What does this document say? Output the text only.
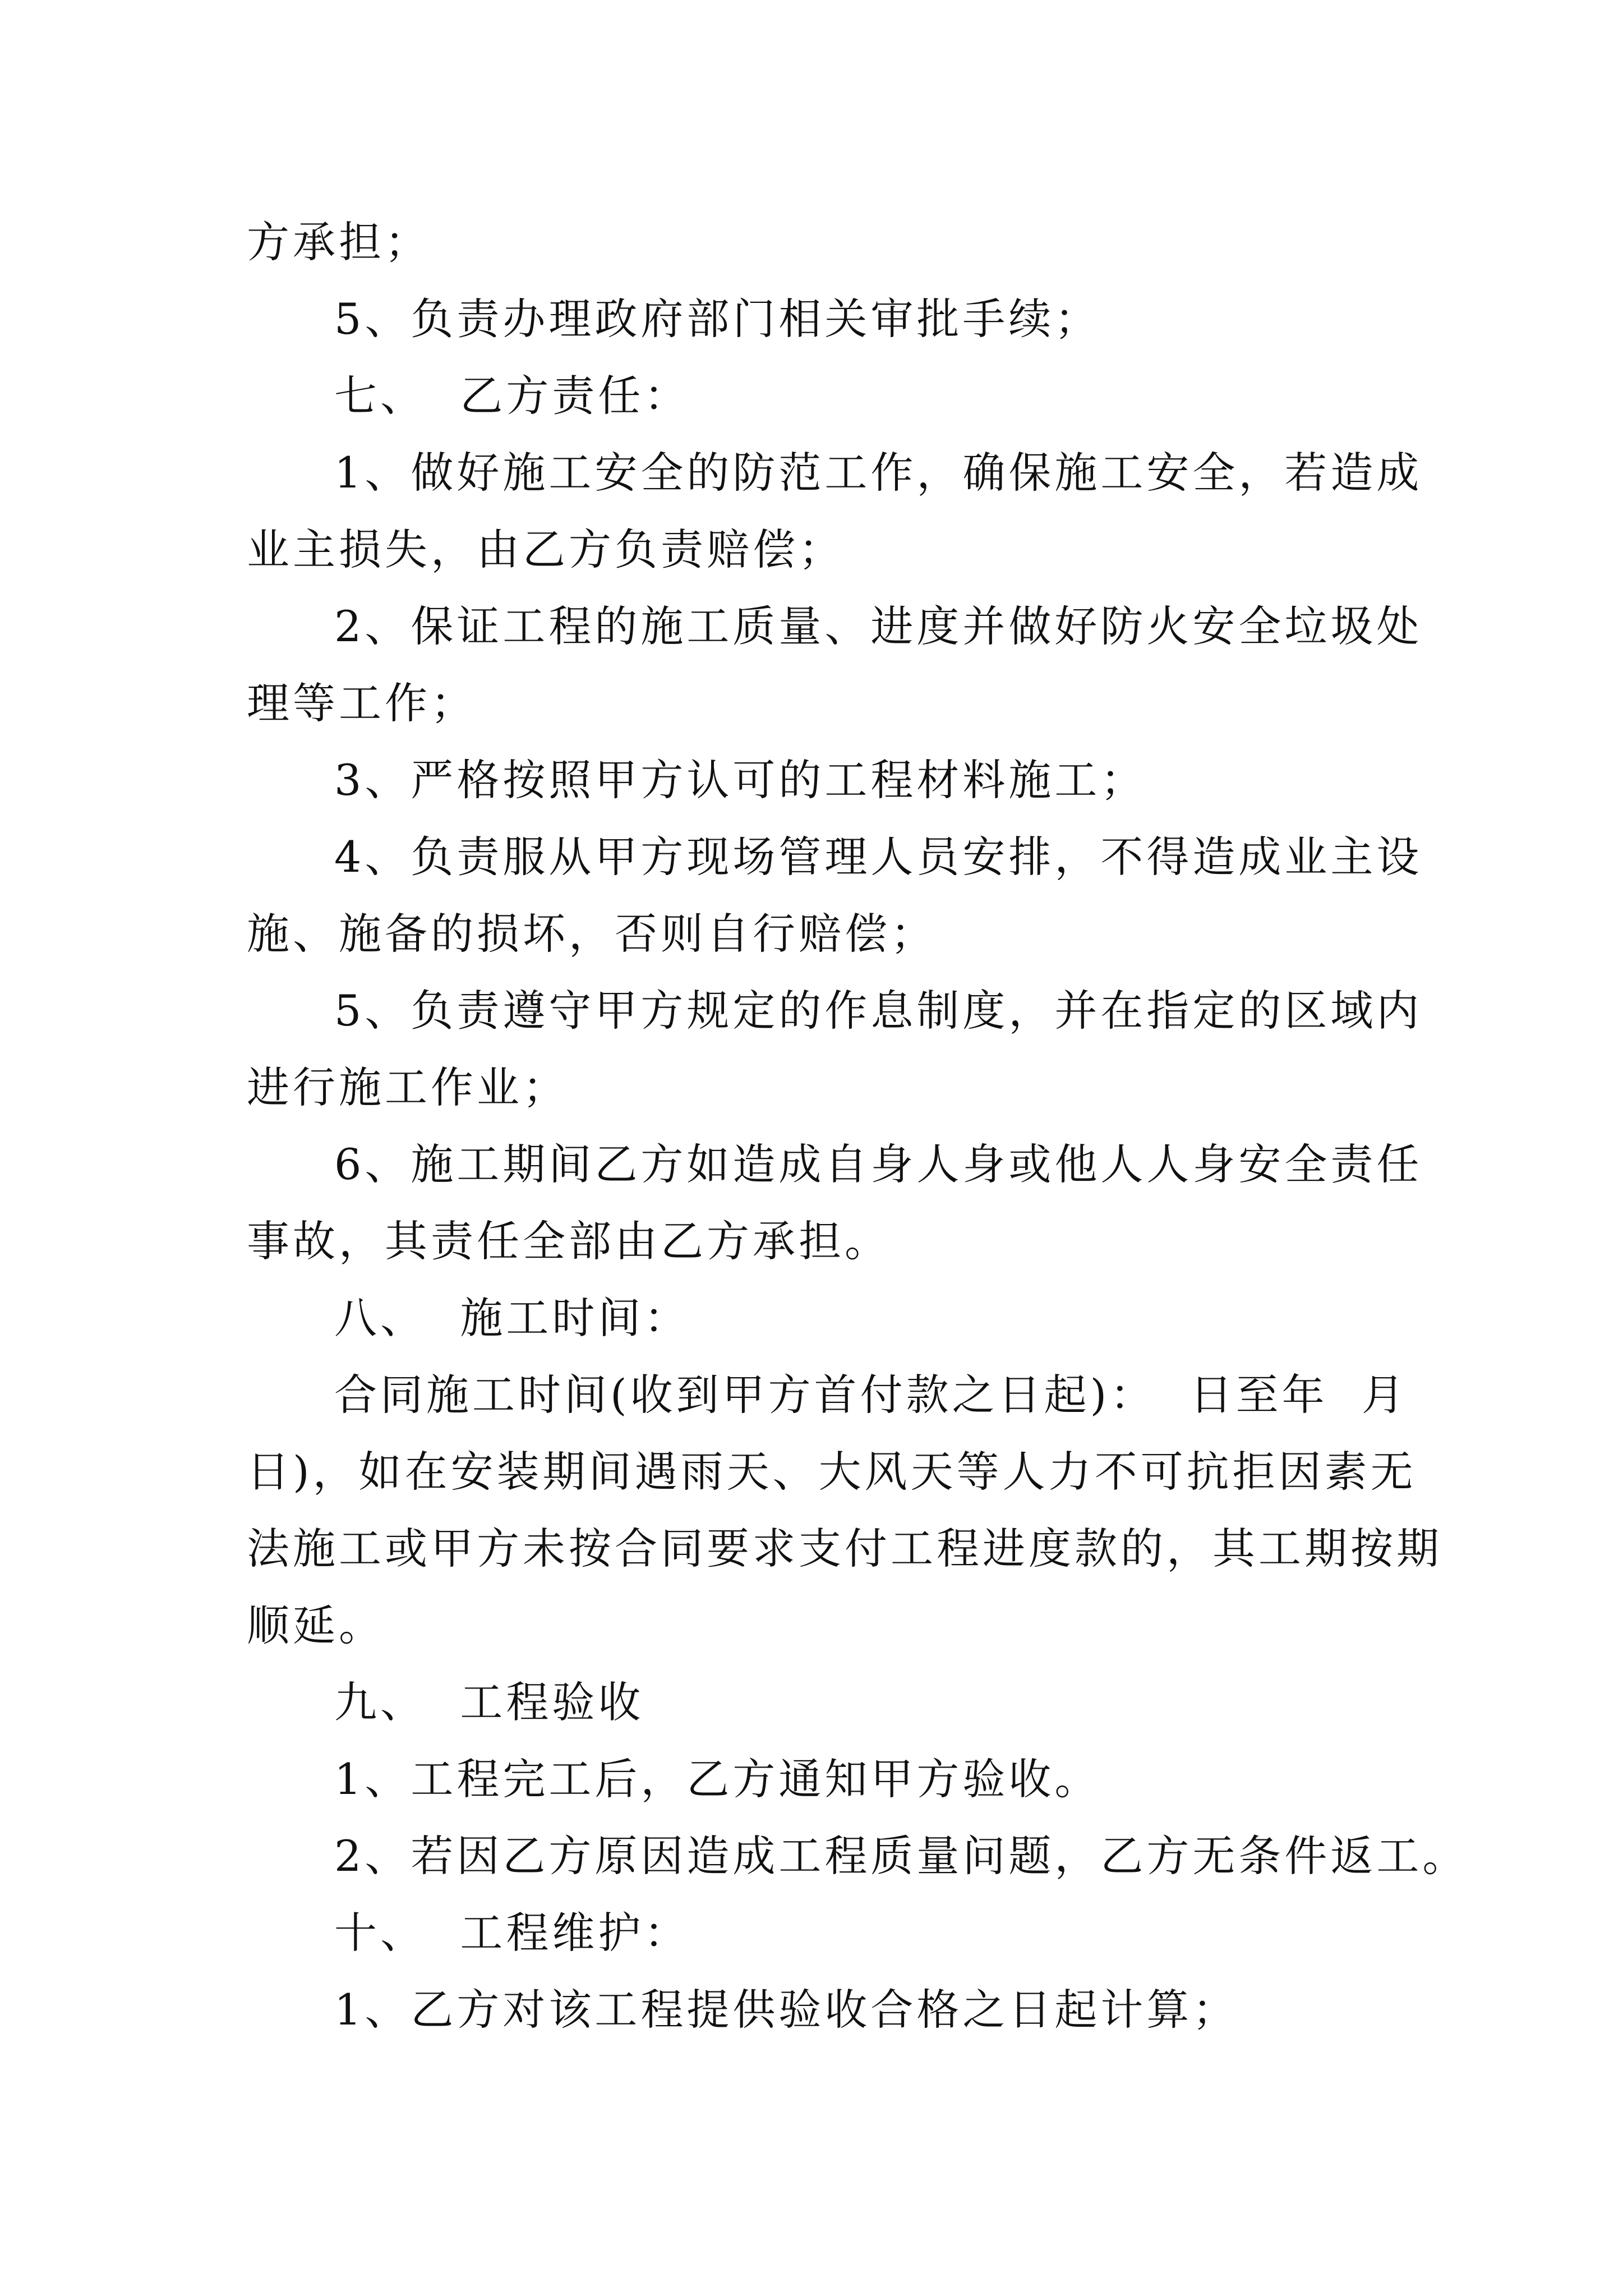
方承担；
5、负责办理政府部门相关审批手续；
七、  乙方责任：
1、做好施工安全的防范工作，确保施工安全，若造成
业主损失，由乙方负责赔偿；
2、保证工程的施工质量、进度并做好防火安全垃圾处
理等工作；
3、严格按照甲方认可的工程材料施工；
4、负责服从甲方现场管理人员安排，不得造成业主设
施、施备的损坏，否则自行赔偿；
5、负责遵守甲方规定的作息制度，并在指定的区域内
进行施工作业；
6、施工期间乙方如造成自身人身或他人人身安全责任
事故，其责任全部由乙方承担。
八、  施工时间：
合同施工时间(收到甲方首付款之日起)：  日至年  月
日)，如在安装期间遇雨天、大风天等人力不可抗拒因素无
法施工或甲方未按合同要求支付工程进度款的，其工期按期
顺延。
九、  工程验收
1、工程完工后，乙方通知甲方验收。
2、若因乙方原因造成工程质量问题，乙方无条件返工。
十、  工程维护：
1、乙方对该工程提供验收合格之日起计算；
